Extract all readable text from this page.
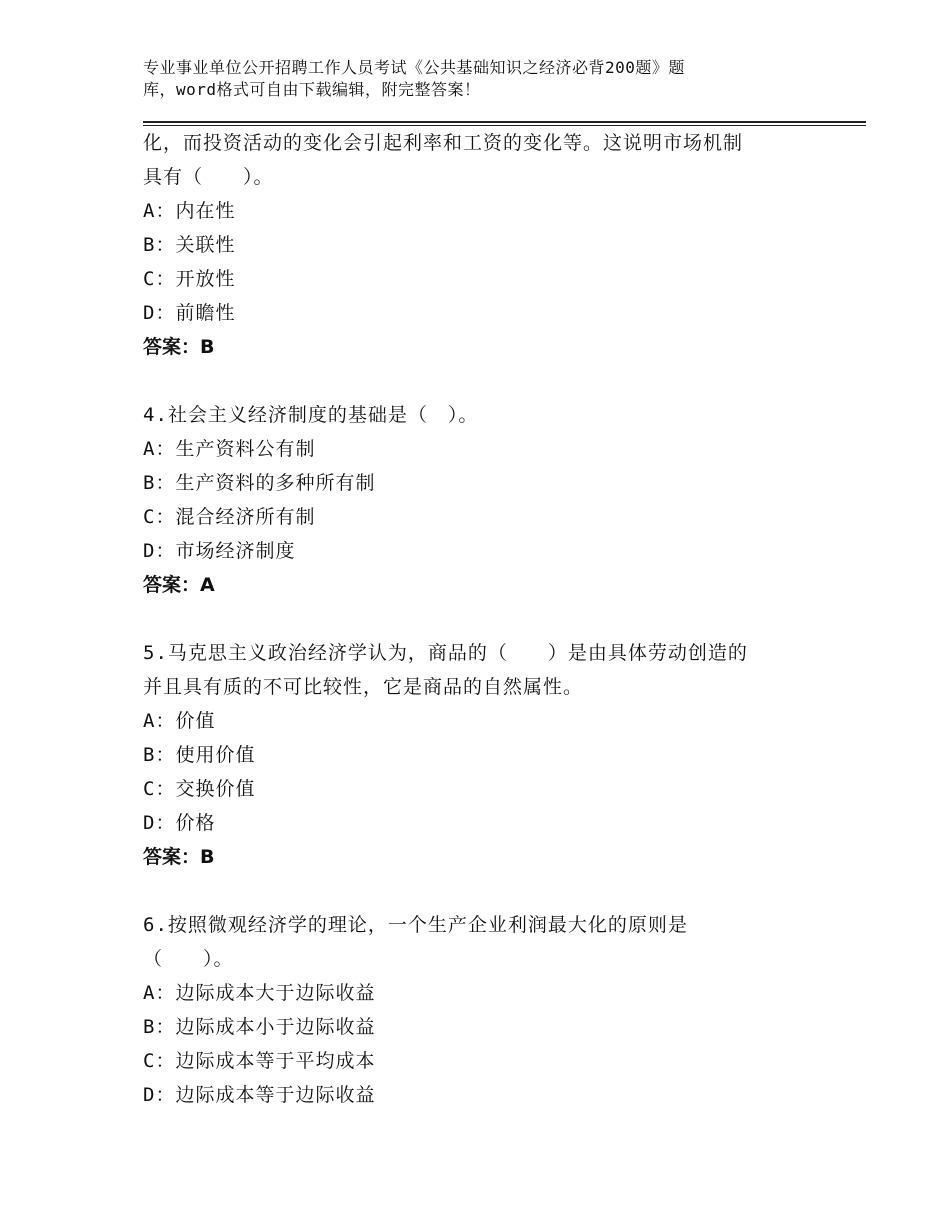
专业事业单位公开招聘工作人员考试《公共基础知识之经济必背200题》题
库，word格式可自由下载编辑，附完整答案！
化，而投资活动的变化会引起利率和工资的变化等。这说明市场机制
具有（　　）。
A：内在性
B：关联性
C：开放性
D：前瞻性
答案：B
4.社会主义经济制度的基础是（　）。
A：生产资料公有制
B：生产资料的多种所有制
C：混合经济所有制
D：市场经济制度
答案：A
5.马克思主义政治经济学认为，商品的（　　）是由具体劳动创造的
并且具有质的不可比较性，它是商品的自然属性。
A：价值
B：使用价值
C：交换价值
D：价格
答案：B
6.按照微观经济学的理论，一个生产企业利润最大化的原则是
（　　）。
A：边际成本大于边际收益
B：边际成本小于边际收益
C：边际成本等于平均成本
D：边际成本等于边际收益
